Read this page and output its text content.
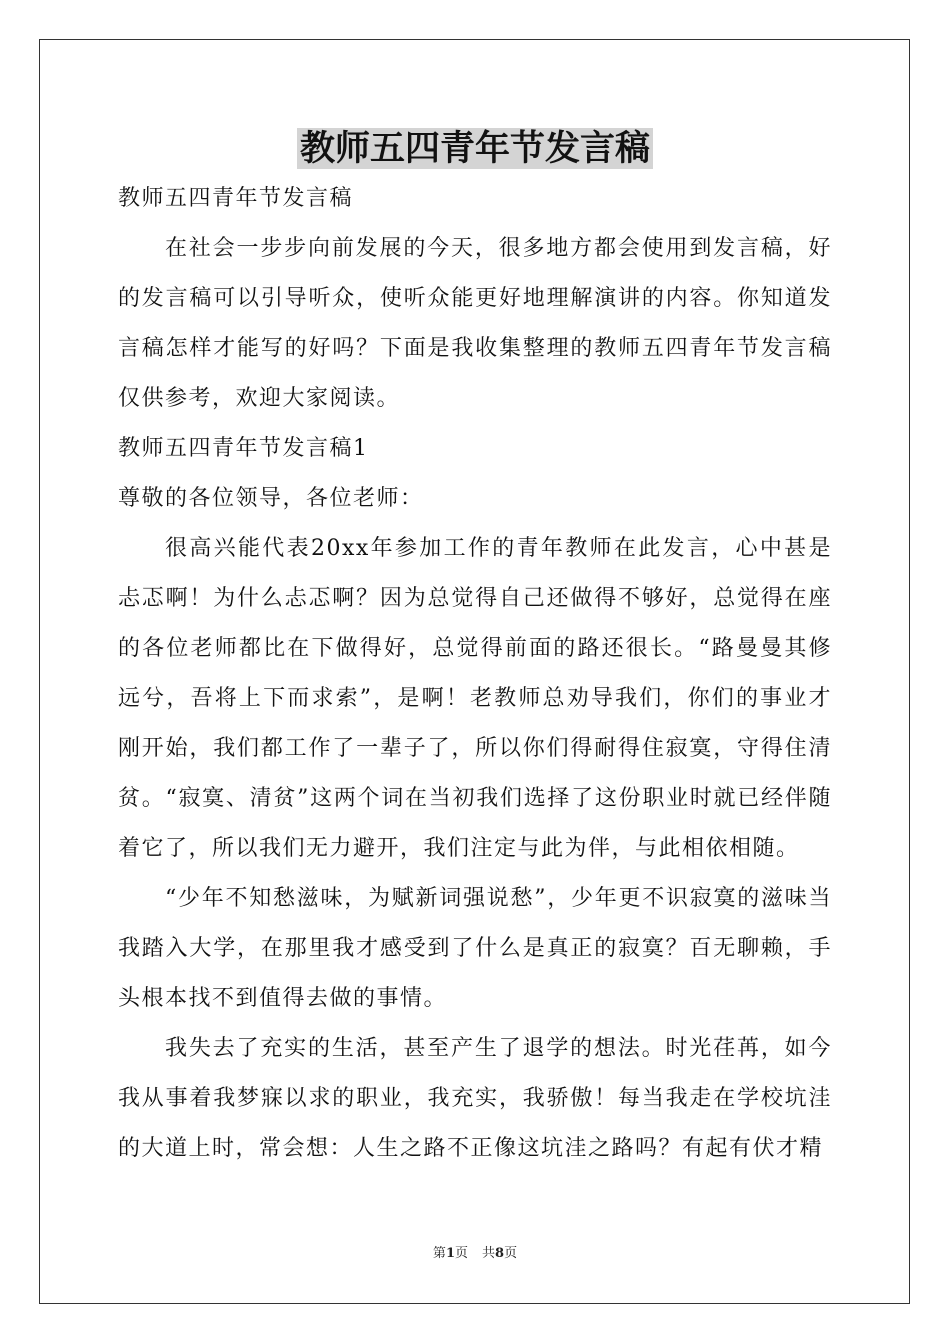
教师五四青年节发言稿

教师五四青年节发言稿

在社会一步步向前发展的今天，很多地方都会使用到发言稿，好的发言稿可以引导听众，使听众能更好地理解演讲的内容。你知道发言稿怎样才能写的好吗？下面是我收集整理的教师五四青年节发言稿仅供参考，欢迎大家阅读。

教师五四青年节发言稿1

尊敬的各位领导，各位老师：

很高兴能代表20xx年参加工作的青年教师在此发言，心中甚是忐忑啊！为什么忐忑啊？因为总觉得自己还做得不够好，总觉得在座的各位老师都比在下做得好，总觉得前面的路还很长。“路曼曼其修远兮，吾将上下而求索”，是啊！老教师总劝导我们，你们的事业才刚开始，我们都工作了一辈子了，所以你们得耐得住寂寞，守得住清贫。“寂寞、清贫”这两个词在当初我们选择了这份职业时就已经伴随着它了，所以我们无力避开，我们注定与此为伴，与此相依相随。

“少年不知愁滋味，为赋新词强说愁”，少年更不识寂寞的滋味当我踏入大学，在那里我才感受到了什么是真正的寂寞？百无聊赖，手头根本找不到值得去做的事情。

我失去了充实的生活，甚至产生了退学的想法。时光荏苒，如今我从事着我梦寐以求的职业，我充实，我骄傲！每当我走在学校坑洼的大道上时，常会想：人生之路不正像这坑洼之路吗？有起有伏才精

第1页 共8页
